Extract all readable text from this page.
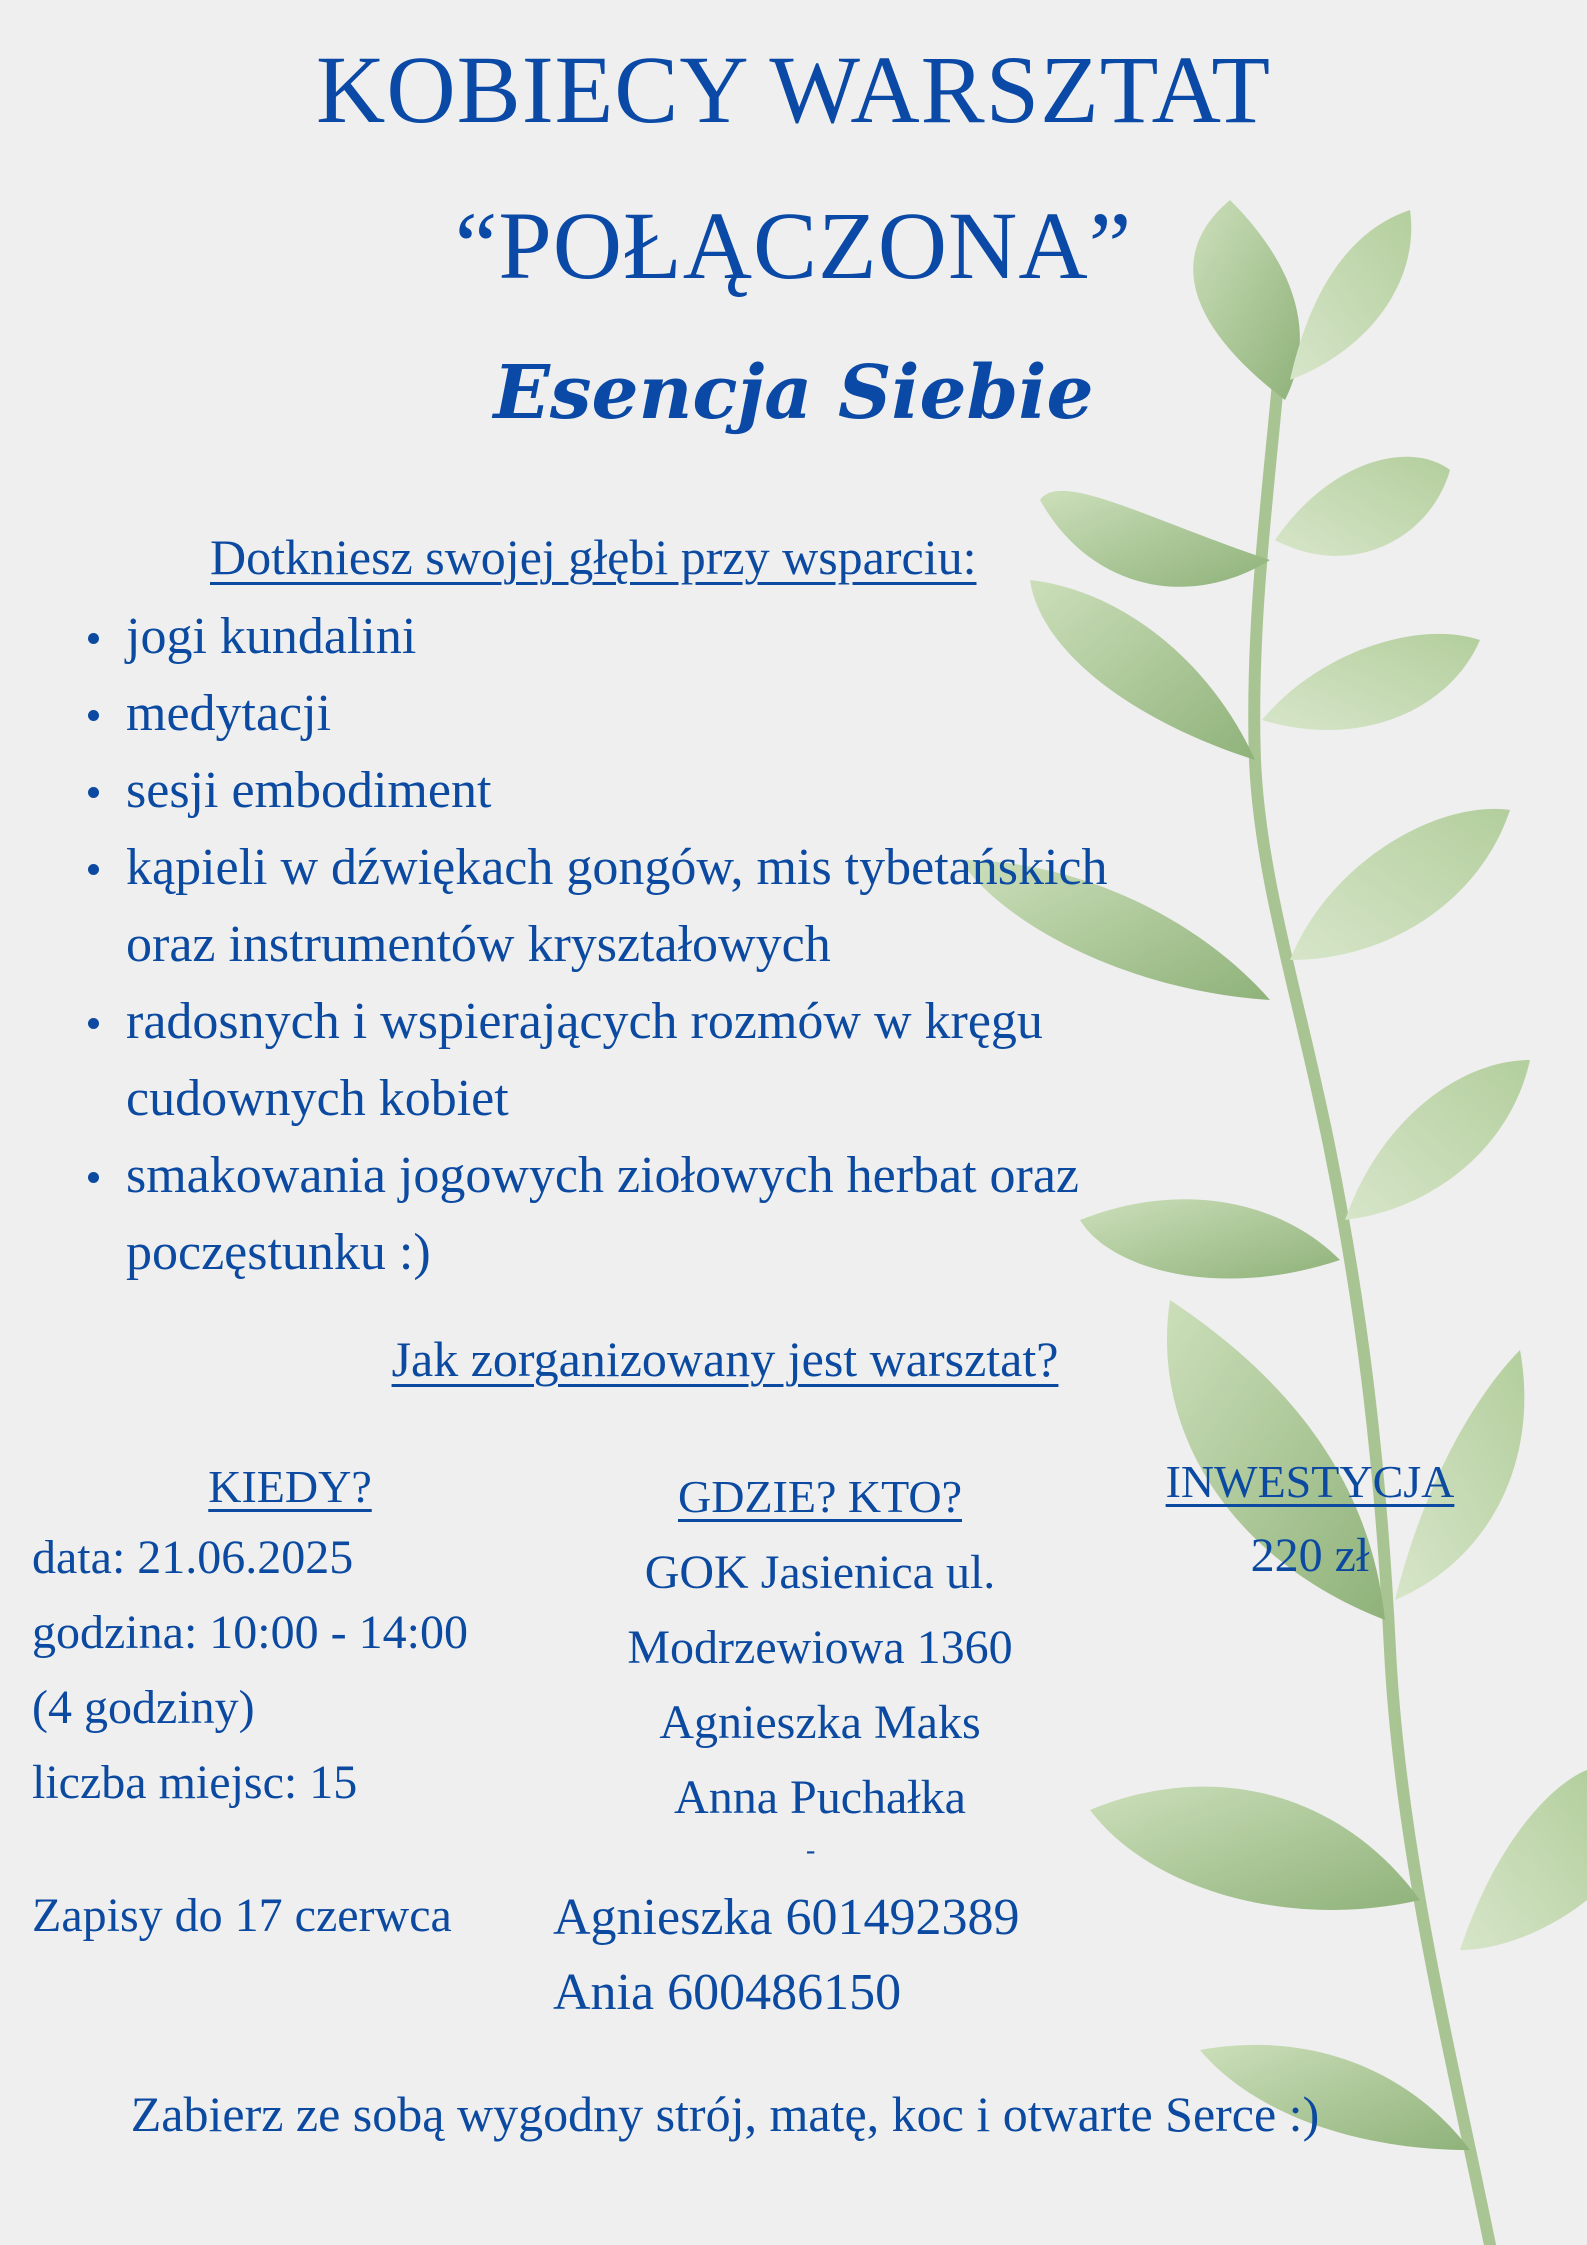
KOBIECY WARSZTAT
“POŁĄCZONA”
Esencja Siebie
Dotkniesz swojej głębi przy wsparciu:
jogi kundalini
medytacji
sesji embodiment
kąpieli w dźwiękach gongów, mis tybetańskich
oraz instrumentów kryształowych
radosnych i wspierających rozmów w kręgu
cudownych kobiet
smakowania jogowych ziołowych herbat oraz
poczęstunku :)
Jak zorganizowany jest warsztat?
KIEDY?
data: 21.06.2025
godzina: 10:00 - 14:00
(4 godziny)
liczba miejsc: 15
GDZIE? KTO?
GOK Jasienica ul.
Modrzewiowa 1360
Agnieszka Maks
Anna Puchałka
INWESTYCJA
220 zł
Zapisy do 17 czerwca
-
Agnieszka 601492389
Ania 600486150
Zabierz ze sobą wygodny strój, matę, koc i otwarte Serce :)
